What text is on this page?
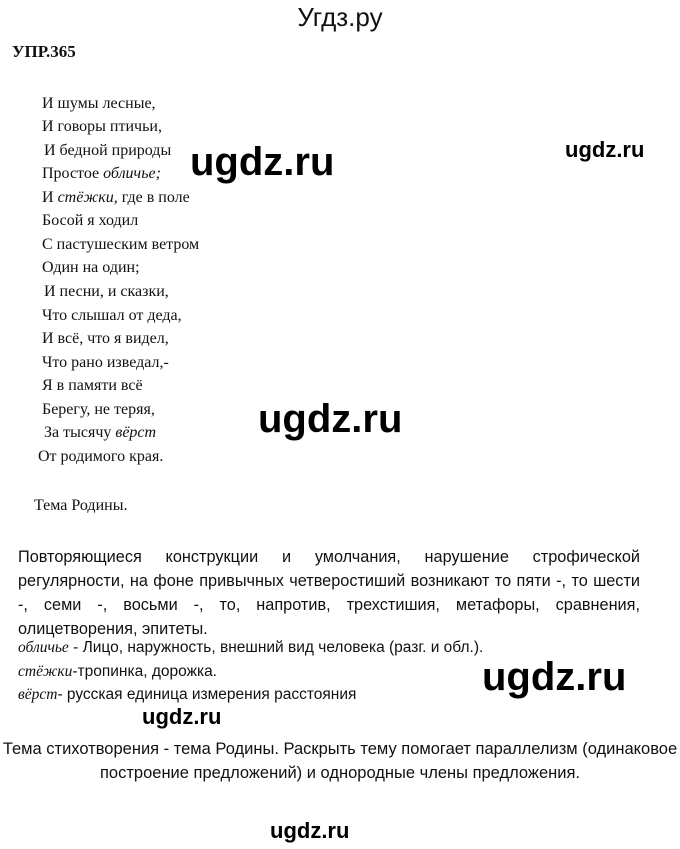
Угдз.ру
УПР.365
И шумы лесные,
И говоры птичьи,
И бедной природы
Простое обличье;
И стёжки, где в поле
Босой я ходил
С пастушеским ветром
Один на один;
И песни, и сказки,
Что слышал от деда,
И всё, что я видел,
Что рано изведал,-
Я в памяти всё
Берегу, не теряя,
За тысячу вёрст
От родимого края.
Тема Родины.
Повторяющиеся конструкции и умолчания, нарушение строфической регулярности, на фоне привычных четверостиший возникают то пяти -, то шести -, семи -, восьми -, то, напротив, трехстишия, метафоры, сравнения, олицетворения, эпитеты.
обличье - Лицо, наружность, внешний вид человека (разг. и обл.).
стёжки-тропинка, дорожка.
вёрст- русская единица измерения расстояния
Тема стихотворения - тема Родины. Раскрыть тему помогает параллелизм (одинаковое построение предложений) и однородные члены предложения.
ugdz.ru	ugdz.ru
ugdz.ru
ugdz.ru
ugdz.ru
ugdz.ru
